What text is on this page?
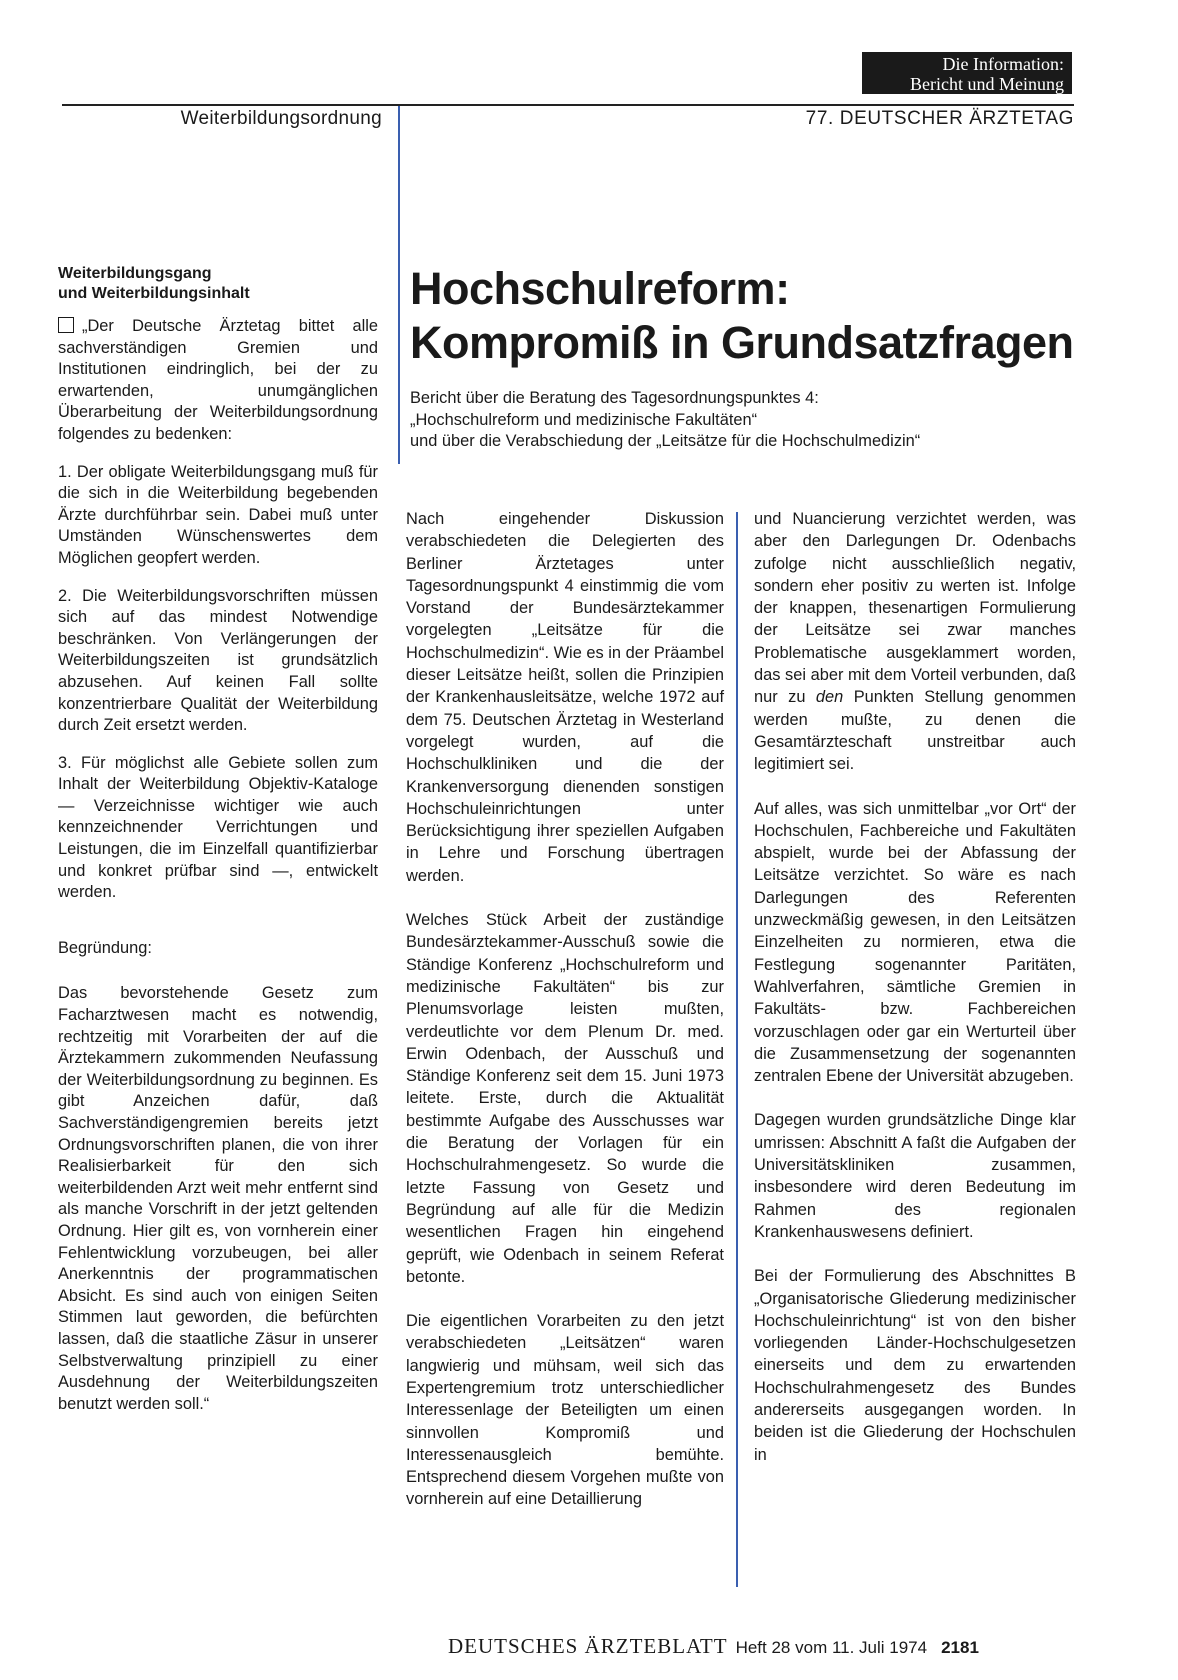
Die Information:
Bericht und Meinung
Weiterbildungsordnung	77. DEUTSCHER ÄRZTETAG
Weiterbildungsgang
und Weiterbildungsinhalt

„Der Deutsche Ärztetag bittet alle sachverständigen Gremien und Institutionen eindringlich, bei der zu erwartenden, unumgänglichen Überarbeitung der Weiterbildungsordnung folgendes zu bedenken:

1. Der obligate Weiterbildungsgang muß für die sich in die Weiterbildung begebenden Ärzte durchführbar sein. Dabei muß unter Umständen Wünschenswertes dem Möglichen geopfert werden.

2. Die Weiterbildungsvorschriften müssen sich auf das mindest Notwendige beschränken. Von Verlängerungen der Weiterbildungszeiten ist grundsätzlich abzusehen. Auf keinen Fall sollte konzentrierbare Qualität der Weiterbildung durch Zeit ersetzt werden.

3. Für möglichst alle Gebiete sollen zum Inhalt der Weiterbildung Objektiv-Kataloge — Verzeichnisse wichtiger wie auch kennzeichnender Verrichtungen und Leistungen, die im Einzelfall quantifizierbar und konkret prüfbar sind —, entwickelt werden.

Begründung:

Das bevorstehende Gesetz zum Facharztwesen macht es notwendig, rechtzeitig mit Vorarbeiten der auf die Ärztekammern zukommenden Neufassung der Weiterbildungsordnung zu beginnen. Es gibt Anzeichen dafür, daß Sachverständigengremien bereits jetzt Ordnungsvorschriften planen, die von ihrer Realisierbarkeit für den sich weiterbildenden Arzt weit mehr entfernt sind als manche Vorschrift in der jetzt geltenden Ordnung. Hier gilt es, von vornherein einer Fehlentwicklung vorzubeugen, bei aller Anerkenntnis der programmatischen Absicht. Es sind auch von einigen Seiten Stimmen laut geworden, die befürchten lassen, daß die staatliche Zäsur in unserer Selbstverwaltung prinzipiell zu einer Ausdehnung der Weiterbildungszeiten benutzt werden soll.“

Hochschulreform:
Kompromiß in Grundsatzfragen
Bericht über die Beratung des Tagesordnungspunktes 4:
„Hochschulreform und medizinische Fakultäten“
und über die Verabschiedung der „Leitsätze für die Hochschulmedizin“

Nach eingehender Diskussion verabschiedeten die Delegierten des Berliner Ärztetages unter Tagesordnungspunkt 4 einstimmig die vom Vorstand der Bundesärztekammer vorgelegten „Leitsätze für die Hochschulmedizin“. Wie es in der Präambel dieser Leitsätze heißt, sollen die Prinzipien der Krankenhausleitsätze, welche 1972 auf dem 75. Deutschen Ärztetag in Westerland vorgelegt wurden, auf die Hochschulkliniken und die der Krankenversorgung dienenden sonstigen Hochschuleinrichtungen unter Berücksichtigung ihrer speziellen Aufgaben in Lehre und Forschung übertragen werden.

Welches Stück Arbeit der zuständige Bundesärztekammer-Ausschuß sowie die Ständige Konferenz „Hochschulreform und medizinische Fakultäten“ bis zur Plenumsvorlage leisten mußten, verdeutlichte vor dem Plenum Dr. med. Erwin Odenbach, der Ausschuß und Ständige Konferenz seit dem 15. Juni 1973 leitete. Erste, durch die Aktualität bestimmte Aufgabe des Ausschusses war die Beratung der Vorlagen für ein Hochschulrahmengesetz. So wurde die letzte Fassung von Gesetz und Begründung auf alle für die Medizin wesentlichen Fragen hin eingehend geprüft, wie Odenbach in seinem Referat betonte.

Die eigentlichen Vorarbeiten zu den jetzt verabschiedeten „Leitsätzen“ waren langwierig und mühsam, weil sich das Expertengremium trotz unterschiedlicher Interessenlage der Beteiligten um einen sinnvollen Kompromiß und Interessenausgleich bemühte. Entsprechend diesem Vorgehen mußte von vornherein auf eine Detaillierung

und Nuancierung verzichtet werden, was aber den Darlegungen Dr. Odenbachs zufolge nicht ausschließlich negativ, sondern eher positiv zu werten ist. Infolge der knappen, thesenartigen Formulierung der Leitsätze sei zwar manches Problematische ausgeklammert worden, das sei aber mit dem Vorteil verbunden, daß nur zu den Punkten Stellung genommen werden mußte, zu denen die Gesamtärzteschaft unstreitbar auch legitimiert sei.

Auf alles, was sich unmittelbar „vor Ort“ der Hochschulen, Fachbereiche und Fakultäten abspielt, wurde bei der Abfassung der Leitsätze verzichtet. So wäre es nach Darlegungen des Referenten unzweckmäßig gewesen, in den Leitsätzen Einzelheiten zu normieren, etwa die Festlegung sogenannter Paritäten, Wahlverfahren, sämtliche Gremien in Fakultäts- bzw. Fachbereichen vorzuschlagen oder gar ein Werturteil über die Zusammensetzung der sogenannten zentralen Ebene der Universität abzugeben.

Dagegen wurden grundsätzliche Dinge klar umrissen: Abschnitt A faßt die Aufgaben der Universitätskliniken zusammen, insbesondere wird deren Bedeutung im Rahmen des regionalen Krankenhauswesens definiert.

Bei der Formulierung des Abschnittes B „Organisatorische Gliederung medizinischer Hochschuleinrichtung“ ist von den bisher vorliegenden Länder-Hochschulgesetzen einerseits und dem zu erwartenden Hochschulrahmengesetz des Bundes andererseits ausgegangen worden. In beiden ist die Gliederung der Hochschulen in

DEUTSCHES ÄRZTEBLATT Heft 28 vom 11. Juli 1974 2181
